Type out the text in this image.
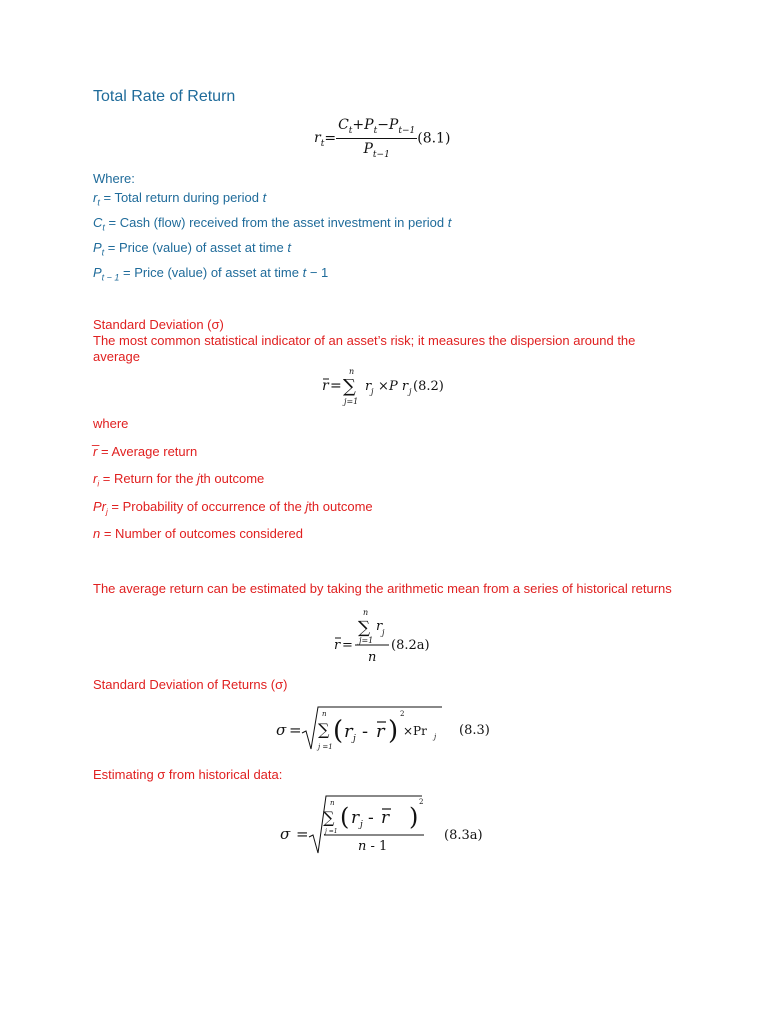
Total Rate of Return
$r_t= \frac{C_t+P_t-P_{t-1}}{P_{t-1}} (8.1)$
Where:
$r_t$ = Total return during period t
$C_t$ = Cash (flow) received from the asset investment in period t
$P_t$ = Price (value) of asset at time t
$P_{t - 1}$ = Price (value) of asset at time t − 1
Standard Deviation (σ)
The most common statistical indicator of an asset’s risk; it measures the dispersion around the average
r = ∑
n
j=1
r j × P r j (8.2)
where
r̅ = Average return
$r_i$ = Return for the jth outcome
$Pr_j$ = Probability of occurrence of the jth outcome
n = Number of outcomes considered
The average return can be estimated by taking the arithmetic mean from a series of historical returns
r =
∑
n
j=1
r j
n
(8.2a)
Standard Deviation of Returns (σ)
σ =
n
∑
j =1
( r j - r )
2
×Pr j (8.3)
Estimating σ from historical data:
σ =
n
∑
j =1
( r j - r )
2
n - 1
(8.3a)
